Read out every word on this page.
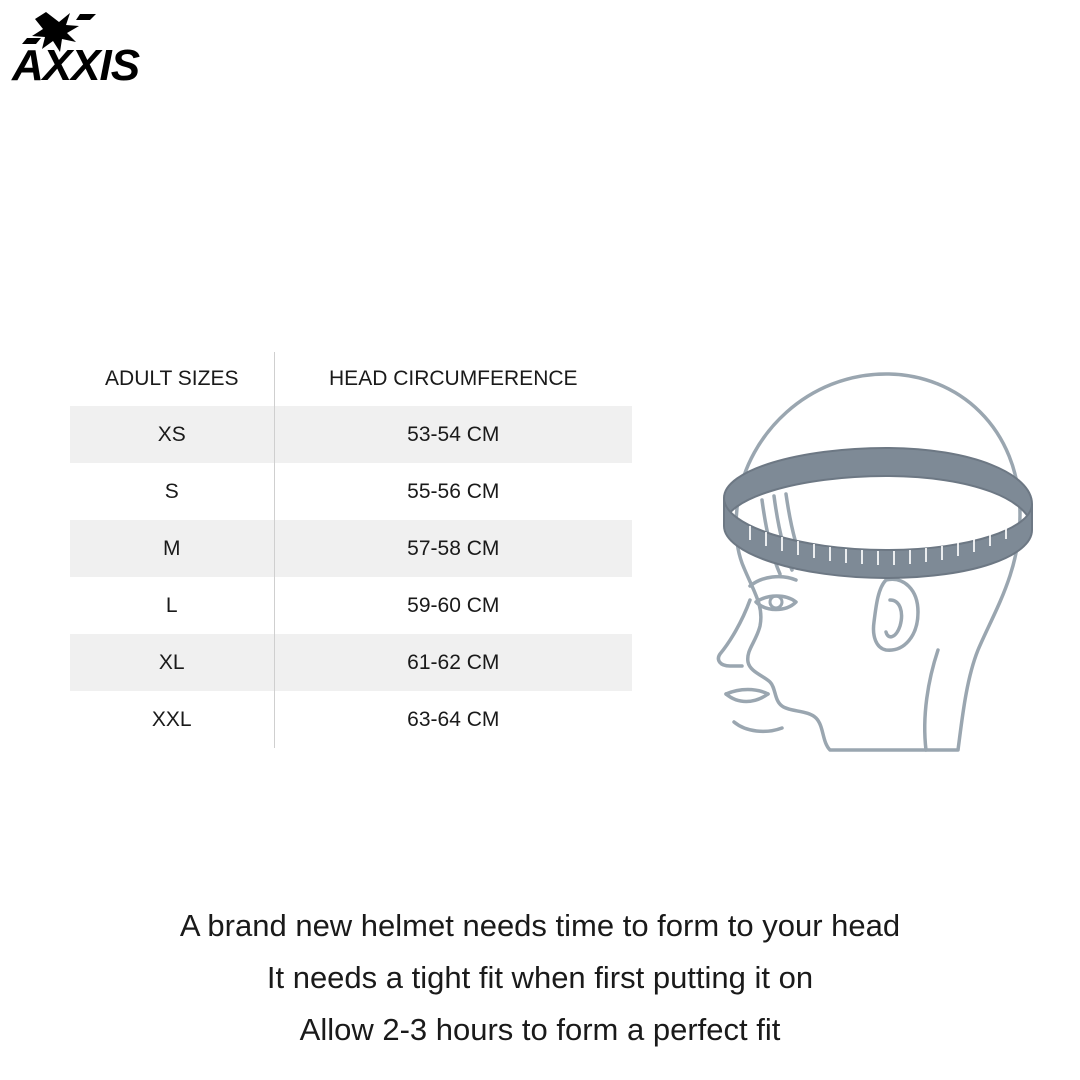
AXXIS
ADULT SIZES	HEAD CIRCUMFERENCE
XS	53-54 CM
S	55-56 CM
M	57-58 CM
L	59-60 CM
XL	61-62 CM
XXL	63-64 CM
A brand new helmet needs time to form to your head
It needs a tight fit when first putting it on
Allow 2-3 hours to form a perfect fit
